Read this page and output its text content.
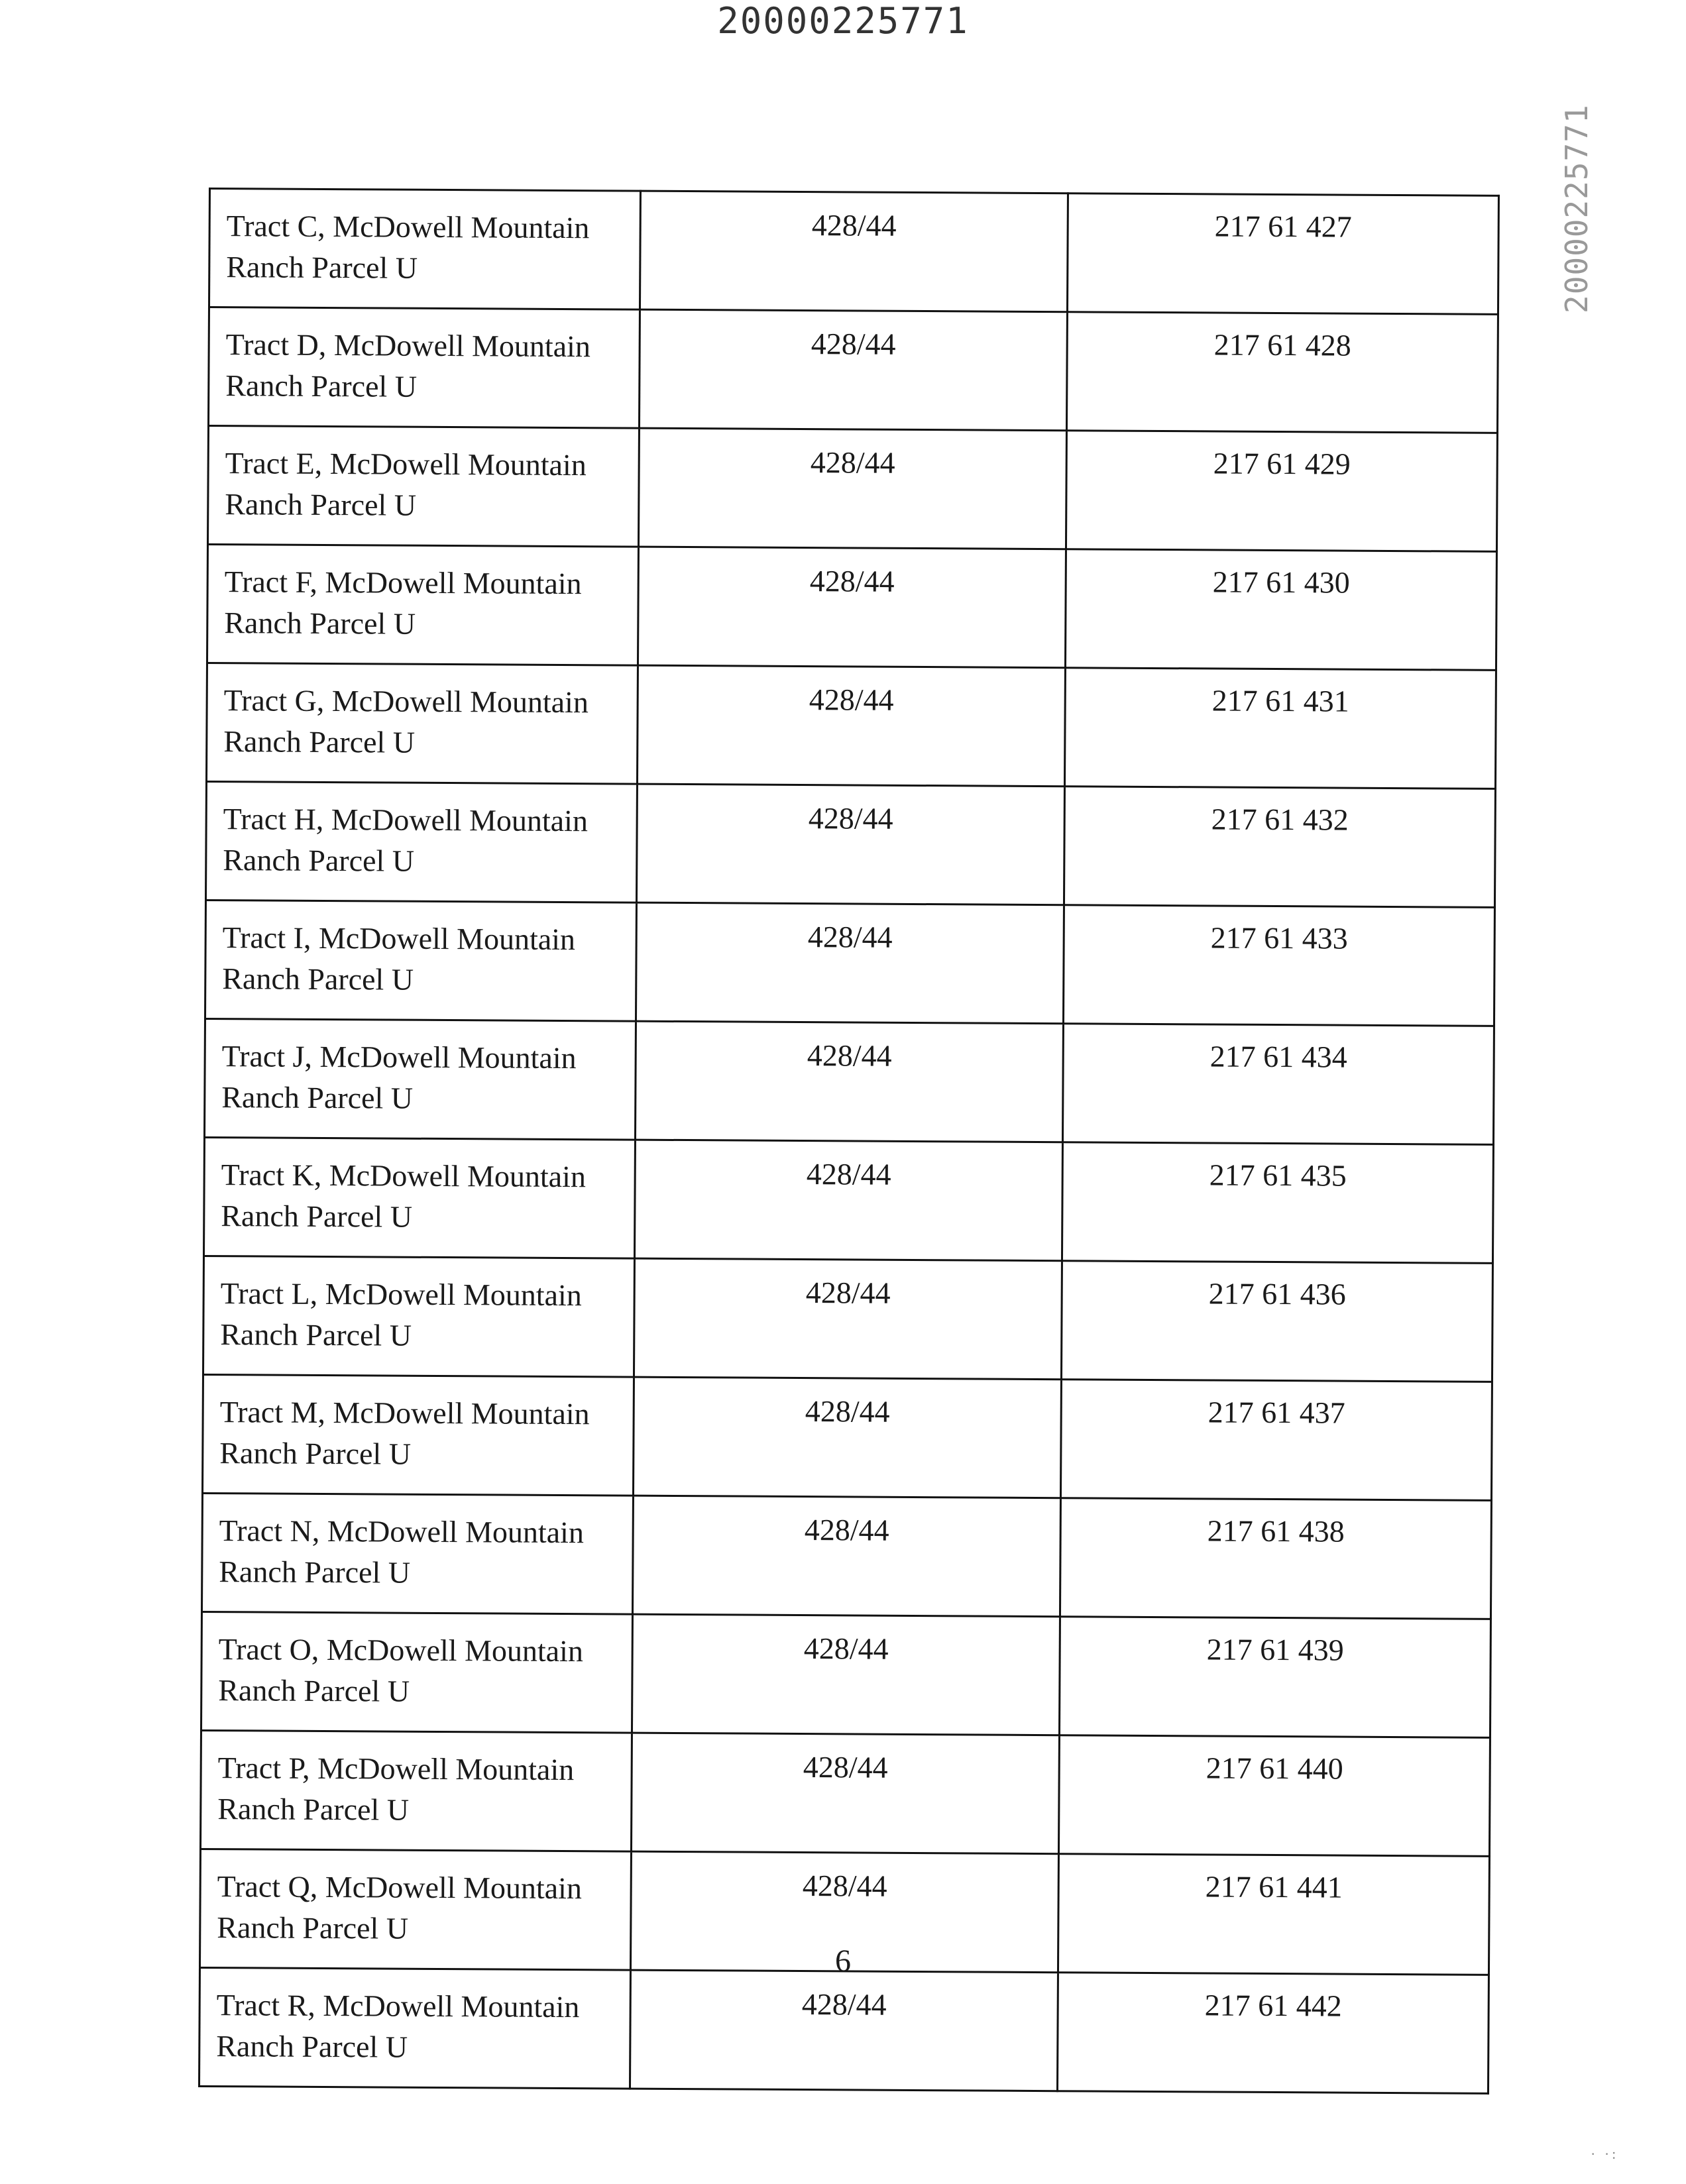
20000225771
20000225771
Tract C, McDowell Mountain Ranch Parcel U	428/44	217 61 427
Tract D, McDowell Mountain Ranch Parcel U	428/44	217 61 428
Tract E, McDowell Mountain Ranch Parcel U	428/44	217 61 429
Tract F, McDowell Mountain Ranch Parcel U	428/44	217 61 430
Tract G, McDowell Mountain Ranch Parcel U	428/44	217 61 431
Tract H, McDowell Mountain Ranch Parcel U	428/44	217 61 432
Tract I, McDowell Mountain Ranch Parcel U	428/44	217 61 433
Tract J, McDowell Mountain Ranch Parcel U	428/44	217 61 434
Tract K, McDowell Mountain Ranch Parcel U	428/44	217 61 435
Tract L, McDowell Mountain Ranch Parcel U	428/44	217 61 436
Tract M, McDowell Mountain Ranch Parcel U	428/44	217 61 437
Tract N, McDowell Mountain Ranch Parcel U	428/44	217 61 438
Tract O, McDowell Mountain Ranch Parcel U	428/44	217 61 439
Tract P, McDowell Mountain Ranch Parcel U	428/44	217 61 440
Tract Q, McDowell Mountain Ranch Parcel U	428/44	217 61 441
Tract R, McDowell Mountain Ranch Parcel U	428/44	217 61 442
6
· ·:
